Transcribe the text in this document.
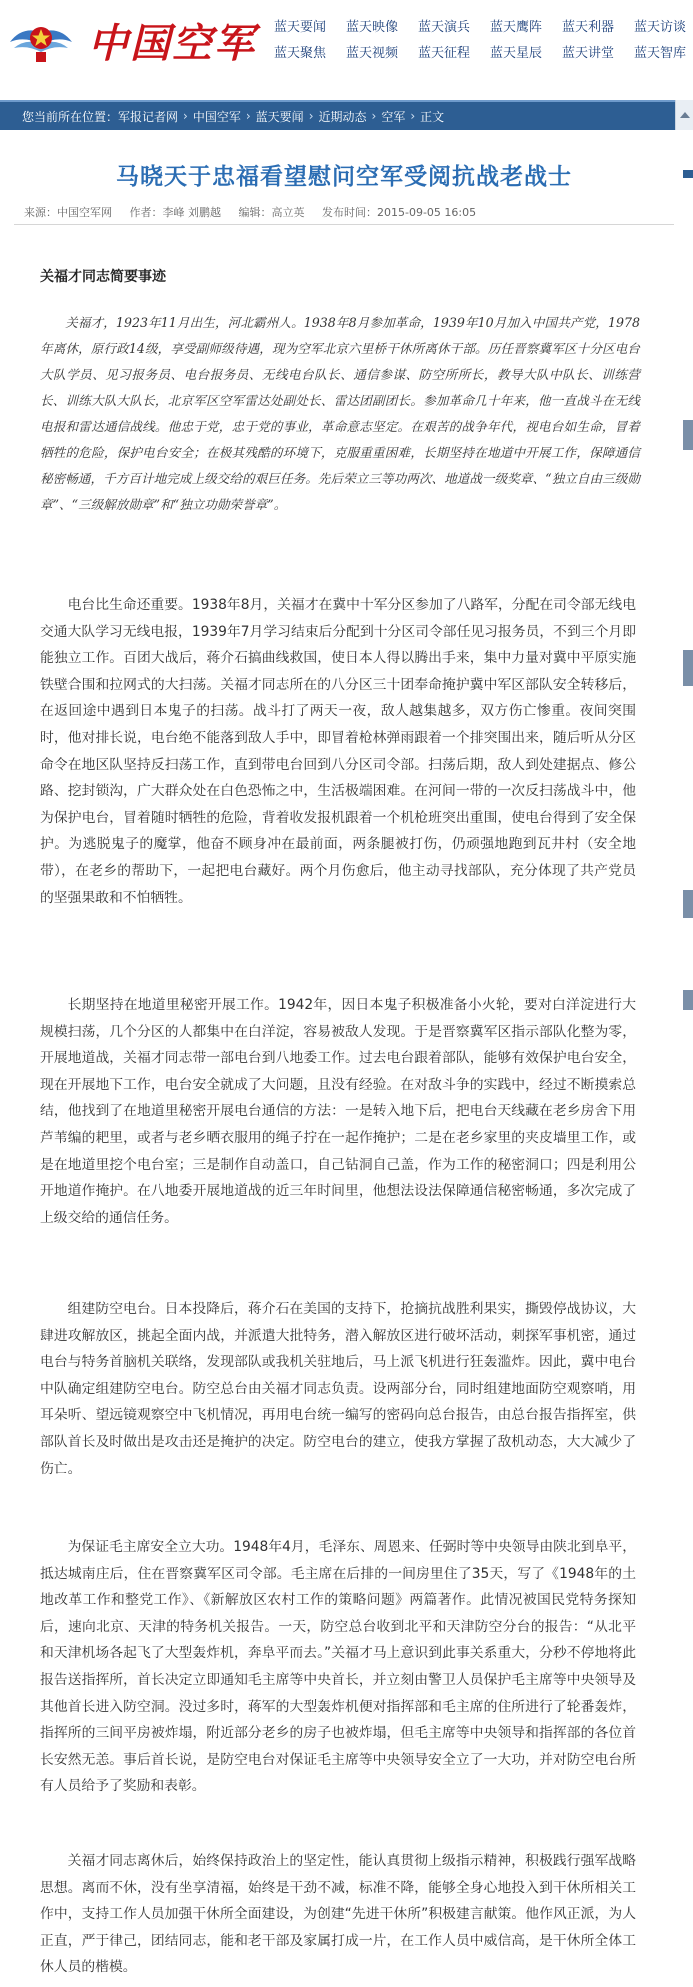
中国空军 蓝天要闻 蓝天映像 蓝天演兵 蓝天鹰阵 蓝天利器 蓝天访谈
蓝天聚焦 蓝天视频 蓝天征程 蓝天星辰 蓝天讲堂 蓝天智库
您当前所在位置： 军报记者网 › 中国空军 › 蓝天要闻 › 近期动态 › 空军 › 正文
马晓天于忠福看望慰问空军受阅抗战老战士
来源：中国空军网 作者：李峰 刘鹏越 编辑：高立英 发布时间：2015-09-05 16:05
关福才同志简要事迹

关福才，1923年11月出生，河北霸州人。1938年8月参加革命，1939年10月加入中国共产党，1978年离休，原行政14级，享受副师级待遇，现为空军北京六里桥干休所离休干部。历任晋察冀军区十分区电台大队学员、见习报务员、电台报务员、无线电台队长、通信参谋、防空所所长，教导大队中队长、训练营长、训练大队大队长，北京军区空军雷达处副处长、雷达团副团长。参加革命几十年来，他一直战斗在无线电报和雷达通信战线。他忠于党，忠于党的事业，革命意志坚定。在艰苦的战争年代，视电台如生命，冒着牺牲的危险，保护电台安全；在极其残酷的环境下，克服重重困难，长期坚持在地道中开展工作，保障通信秘密畅通，千方百计地完成上级交给的艰巨任务。先后荣立三等功两次、地道战一级奖章、“独立自由三级勋章”、“三级解放勋章”和“独立功勋荣誉章”。

电台比生命还重要。1938年8月，关福才在冀中十军分区参加了八路军，分配在司令部无线电交通大队学习无线电报，1939年7月学习结束后分配到十分区司令部任见习报务员，不到三个月即能独立工作。百团大战后，蒋介石搞曲线救国，使日本人得以腾出手来，集中力量对冀中平原实施铁壁合围和拉网式的大扫荡。关福才同志所在的八分区三十团奉命掩护冀中军区部队安全转移后，在返回途中遇到日本鬼子的扫荡。战斗打了两天一夜，敌人越集越多，双方伤亡惨重。夜间突围时，他对排长说，电台绝不能落到敌人手中，即冒着枪林弹雨跟着一个排突围出来，随后听从分区命令在地区队坚持反扫荡工作，直到带电台回到八分区司令部。扫荡后期，敌人到处建据点、修公路、挖封锁沟，广大群众处在白色恐怖之中，生活极端困难。在河间一带的一次反扫荡战斗中，他为保护电台，冒着随时牺牲的危险，背着收发报机跟着一个机枪班突出重围，使电台得到了安全保护。为逃脱鬼子的魔掌，他奋不顾身冲在最前面，两条腿被打伤，仍顽强地跑到瓦井村（安全地带），在老乡的帮助下，一起把电台藏好。两个月伤愈后，他主动寻找部队，充分体现了共产党员的坚强果敢和不怕牺牲。

长期坚持在地道里秘密开展工作。1942年，因日本鬼子积极准备小火轮，要对白洋淀进行大规模扫荡，几个分区的人都集中在白洋淀，容易被敌人发现。于是晋察冀军区指示部队化整为零，开展地道战，关福才同志带一部电台到八地委工作。过去电台跟着部队，能够有效保护电台安全，现在开展地下工作，电台安全就成了大问题，且没有经验。在对敌斗争的实践中，经过不断摸索总结，他找到了在地道里秘密开展电台通信的方法：一是转入地下后，把电台天线藏在老乡房舍下用芦苇编的耙里，或者与老乡晒衣服用的绳子拧在一起作掩护；二是在老乡家里的夹皮墙里工作，或是在地道里挖个电台室；三是制作自动盖口，自己钻洞自己盖，作为工作的秘密洞口；四是利用公开地道作掩护。在八地委开展地道战的近三年时间里，他想法设法保障通信秘密畅通，多次完成了上级交给的通信任务。

组建防空电台。日本投降后，蒋介石在美国的支持下，抢摘抗战胜利果实，撕毁停战协议，大肆进攻解放区，挑起全面内战，并派遣大批特务，潜入解放区进行破坏活动，刺探军事机密，通过电台与特务首脑机关联络，发现部队或我机关驻地后，马上派飞机进行狂轰滥炸。因此，冀中电台中队确定组建防空电台。防空总台由关福才同志负责。设两部分台，同时组建地面防空观察哨，用耳朵听、望远镜观察空中飞机情况，再用电台统一编写的密码向总台报告，由总台报告指挥室，供部队首长及时做出是攻击还是掩护的决定。防空电台的建立，使我方掌握了敌机动态，大大减少了伤亡。

为保证毛主席安全立大功。1948年4月，毛泽东、周恩来、任弼时等中央领导由陕北到阜平，抵达城南庄后，住在晋察冀军区司令部。毛主席在后排的一间房里住了35天，写了《1948年的土地改革工作和整党工作》、《新解放区农村工作的策略问题》两篇著作。此情况被国民党特务探知后，速向北京、天津的特务机关报告。一天，防空总台收到北平和天津防空分台的报告：“从北平和天津机场各起飞了大型轰炸机，奔阜平而去。”关福才马上意识到此事关系重大，分秒不停地将此报告送指挥所，首长决定立即通知毛主席等中央首长，并立刻由警卫人员保护毛主席等中央领导及其他首长进入防空洞。没过多时，蒋军的大型轰炸机便对指挥部和毛主席的住所进行了轮番轰炸，指挥所的三间平房被炸塌，附近部分老乡的房子也被炸塌，但毛主席等中央领导和指挥部的各位首长安然无恙。事后首长说，是防空电台对保证毛主席等中央领导安全立了一大功，并对防空电台所有人员给予了奖励和表彰。

关福才同志离休后，始终保持政治上的坚定性，能认真贯彻上级指示精神，积极践行强军战略思想。离而不休，没有坐享清福，始终是干劲不减，标准不降，能够全身心地投入到干休所相关工作中，支持工作人员加强干休所全面建设，为创建“先进干休所”积极建言献策。他作风正派，为人正直，严于律己，团结同志，能和老干部及家属打成一片，在工作人员中威信高，是干休所全体工休人员的楷模。
